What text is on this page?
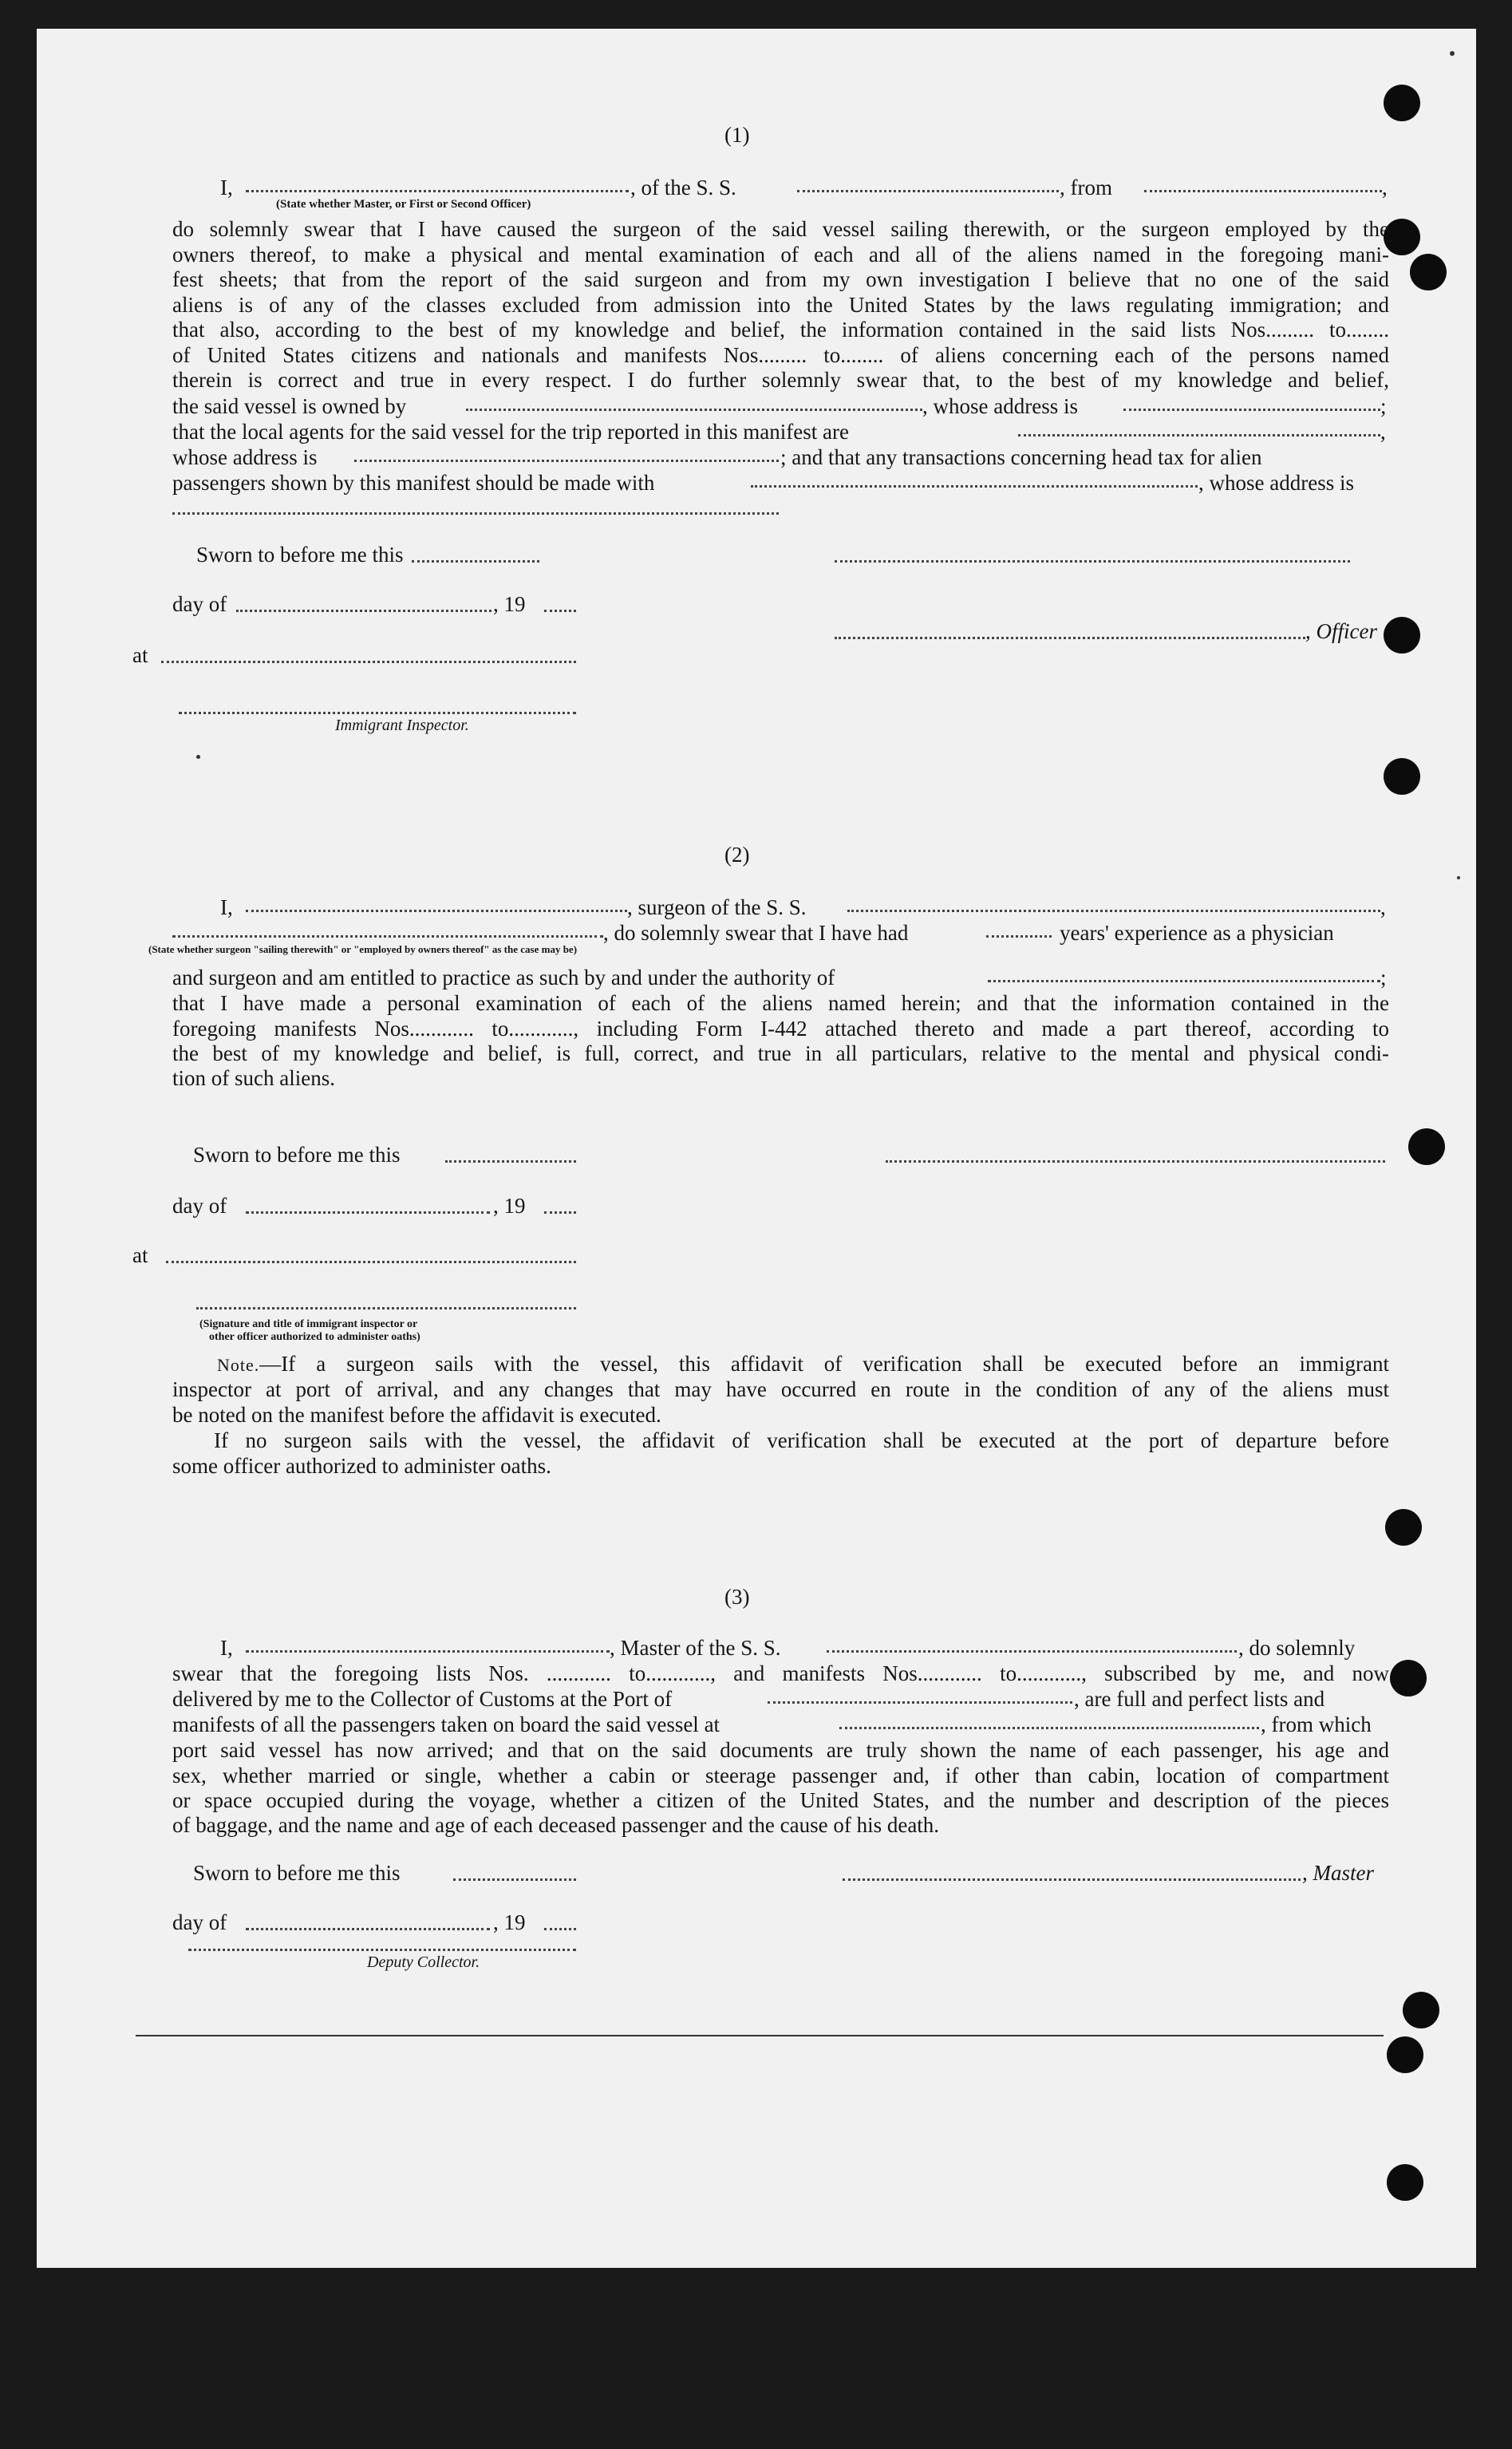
(1)
I,	, of the S. S.	, from	,
(State whether Master, or First or Second Officer)
do solemnly swear that I have caused the surgeon of the said vessel sailing therewith, or the surgeon employed by the
owners thereof, to make a physical and mental examination of each and all of the aliens named in the foregoing mani-
fest sheets; that from the report of the said surgeon and from my own investigation I believe that no one of the said
aliens is of any of the classes excluded from admission into the United States by the laws regulating immigration; and
that also, according to the best of my knowledge and belief, the information contained in the said lists Nos......... to........
of United States citizens and nationals and manifests Nos......... to........ of aliens concerning each of the persons named
therein is correct and true in every respect. I do further solemnly swear that, to the best of my knowledge and belief,
the said vessel is owned by	, whose address is	;
that the local agents for the said vessel for the trip reported in this manifest are	,
whose address is	; and that any transactions concerning head tax for alien
passengers shown by this manifest should be made with	, whose address is
Sworn to before me this
day of	, 19
, Officer
at
Immigrant Inspector.
(2)
I,	, surgeon of the S. S.	,
, do solemnly swear that I have had	years' experience as a physician
(State whether surgeon "sailing therewith" or "employed by owners thereof" as the case may be)
and surgeon and am entitled to practice as such by and under the authority of	;
that I have made a personal examination of each of the aliens named herein; and that the information contained in the
foregoing manifests Nos............ to............, including Form I-442 attached thereto and made a part thereof, according to
the best of my knowledge and belief, is full, correct, and true in all particulars, relative to the mental and physical condi-
tion of such aliens.
Sworn to before me this
day of	, 19
at
(Signature and title of immigrant inspector or
other officer authorized to administer oaths)
Note.—If a surgeon sails with the vessel, this affidavit of verification shall be executed before an immigrant
inspector at port of arrival, and any changes that may have occurred en route in the condition of any of the aliens must
be noted on the manifest before the affidavit is executed.
If no surgeon sails with the vessel, the affidavit of verification shall be executed at the port of departure before
some officer authorized to administer oaths.
(3)
I,	, Master of the S. S.	, do solemnly
swear that the foregoing lists Nos. ............ to............, and manifests Nos............ to............, subscribed by me, and now
delivered by me to the Collector of Customs at the Port of	, are full and perfect lists and
manifests of all the passengers taken on board the said vessel at	, from which
port said vessel has now arrived; and that on the said documents are truly shown the name of each passenger, his age and
sex, whether married or single, whether a cabin or steerage passenger and, if other than cabin, location of compartment
or space occupied during the voyage, whether a citizen of the United States, and the number and description of the pieces
of baggage, and the name and age of each deceased passenger and the cause of his death.
Sworn to before me this	, Master
day of	, 19
Deputy Collector.
